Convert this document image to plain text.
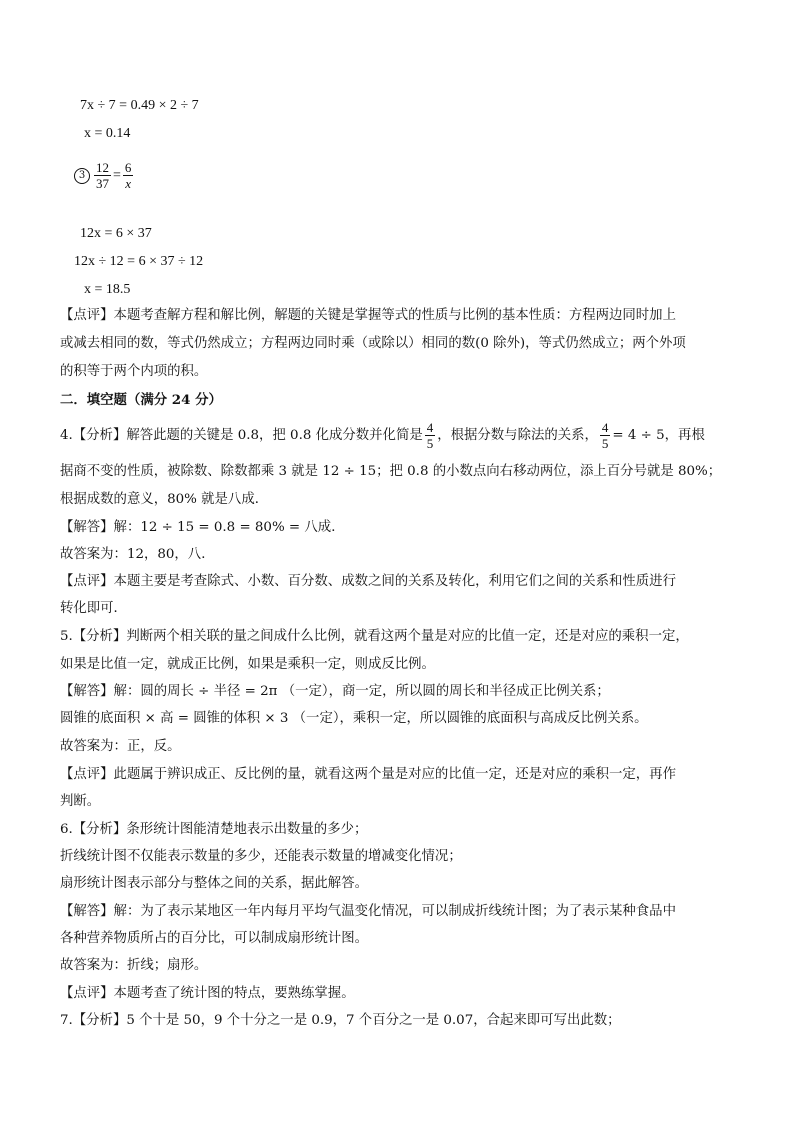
7x ÷ 7 = 0.49 × 2 ÷ 7
x = 0.14
$3 \frac{12}{37} = \frac{6}{x}$
12x = 6 × 37
12x ÷ 12 = 6 × 37 ÷ 12
x = 18.5
【点评】本题考查解方程和解比例，解题的关键是掌握等式的性质与比例的基本性质：方程两边同时加上
或减去相同的数，等式仍然成立；方程两边同时乘（或除以）相同的数(0 除外)，等式仍然成立；两个外项
的积等于两个内项的积。
二．填空题（满分 24 分）
4.【分析】解答此题的关键是 0.8，把 0.8 化成分数并化简是 $\frac{4}{5}$ ，根据分数与除法的关系， $\frac{4}{5} = 4 \div 5$，再根
据商不变的性质，被除数、除数都乘 3 就是 12 ÷ 15；把 0.8 的小数点向右移动两位，添上百分号就是 80%；
根据成数的意义，80% 就是八成．
【解答】解：12 ÷ 15 = 0.8 = 80% = 八成．
故答案为：12，80，八．
【点评】本题主要是考查除式、小数、百分数、成数之间的关系及转化，利用它们之间的关系和性质进行
转化即可．
5.【分析】判断两个相关联的量之间成什么比例，就看这两个量是对应的比值一定，还是对应的乘积一定，
如果是比值一定，就成正比例，如果是乘积一定，则成反比例。
【解答】解：圆的周长 ÷ 半径 = 2π （一定），商一定，所以圆的周长和半径成正比例关系；
圆锥的底面积 × 高 = 圆锥的体积 × 3 （一定），乘积一定，所以圆锥的底面积与高成反比例关系。
故答案为：正，反。
【点评】此题属于辨识成正、反比例的量，就看这两个量是对应的比值一定，还是对应的乘积一定，再作
判断。
6.【分析】条形统计图能清楚地表示出数量的多少；
折线统计图不仅能表示数量的多少，还能表示数量的增减变化情况；
扇形统计图表示部分与整体之间的关系，据此解答。
【解答】解：为了表示某地区一年内每月平均气温变化情况，可以制成折线统计图；为了表示某种食品中
各种营养物质所占的百分比，可以制成扇形统计图。
故答案为：折线；扇形。
【点评】本题考查了统计图的特点，要熟练掌握。
7.【分析】5 个十是 50，9 个十分之一是 0.9，7 个百分之一是 0.07，合起来即可写出此数；
